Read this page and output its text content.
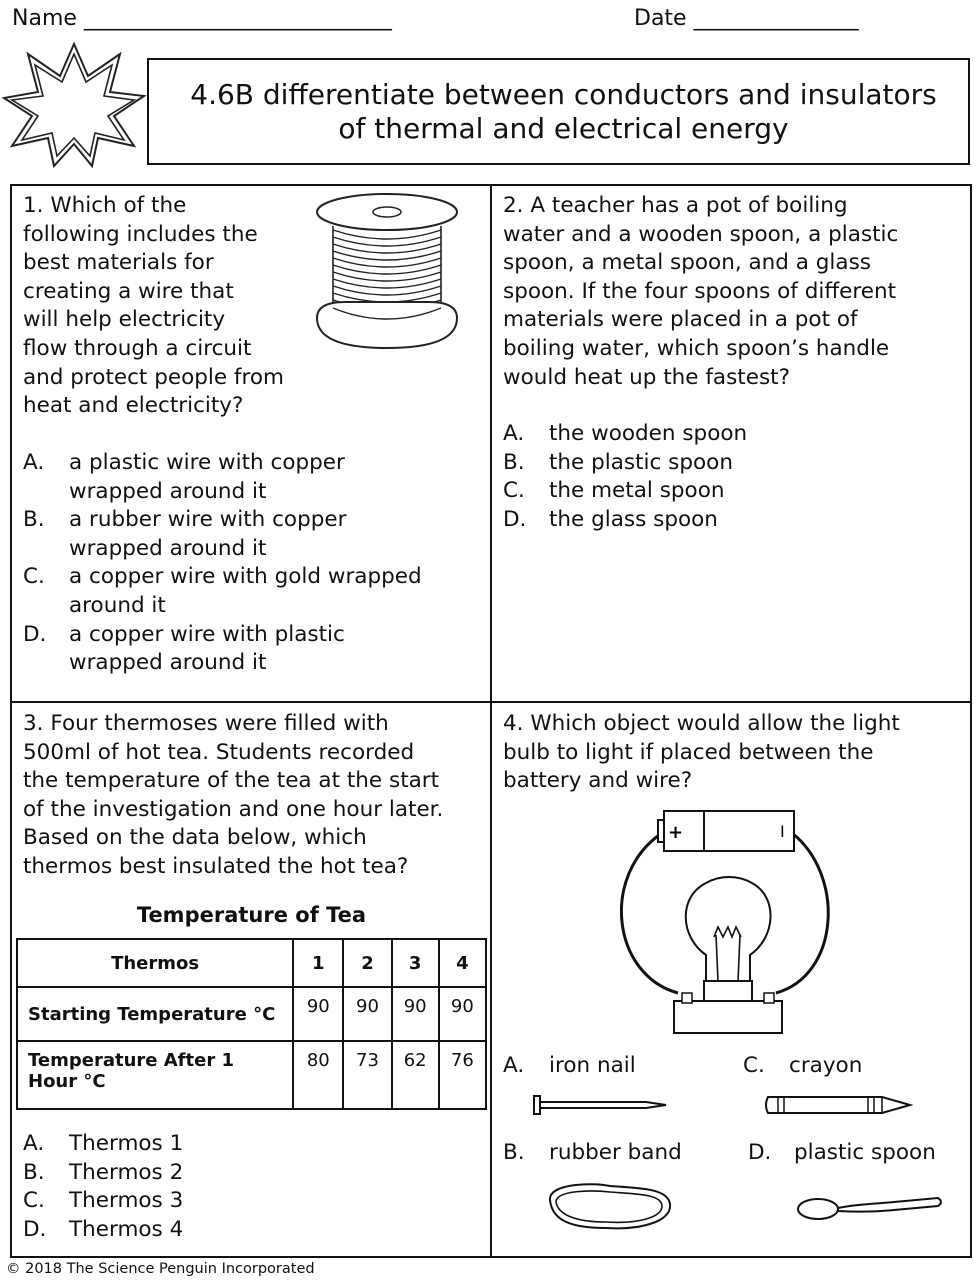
Name ____________________________	Date _______________
4.6B differentiate between conductors and insulators
of thermal and electrical energy
1. Which of the
following includes the
best materials for
creating a wire that
will help electricity
flow through a circuit
and protect people from
heat and electricity?
A.	a plastic wire with copper
wrapped around it
B.	a rubber wire with copper
wrapped around it
C.	a copper wire with gold wrapped
around it
D.	a copper wire with plastic
wrapped around it
2. A teacher has a pot of boiling
water and a wooden spoon, a plastic
spoon, a metal spoon, and a glass
spoon. If the four spoons of different
materials were placed in a pot of
boiling water, which spoon’s handle
would heat up the fastest?
A.	the wooden spoon
B.	the plastic spoon
C.	the metal spoon
D.	the glass spoon
3. Four thermoses were filled with
500ml of hot tea. Students recorded
the temperature of the tea at the start
of the investigation and one hour later.
Based on the data below, which
thermos best insulated the hot tea?
Temperature of Tea
Thermos	1	2	3	4
Starting Temperature °C	90	90	90	90
Temperature After 1 Hour °C	80	73	62	76
A.	Thermos 1
B.	Thermos 2
C.	Thermos 3
D.	Thermos 4
4. Which object would allow the light
bulb to light if placed between the
battery and wire?
+	I
A.	iron nail	C.	crayon
B.	rubber band	D.	plastic spoon
© 2018 The Science Penguin Incorporated
